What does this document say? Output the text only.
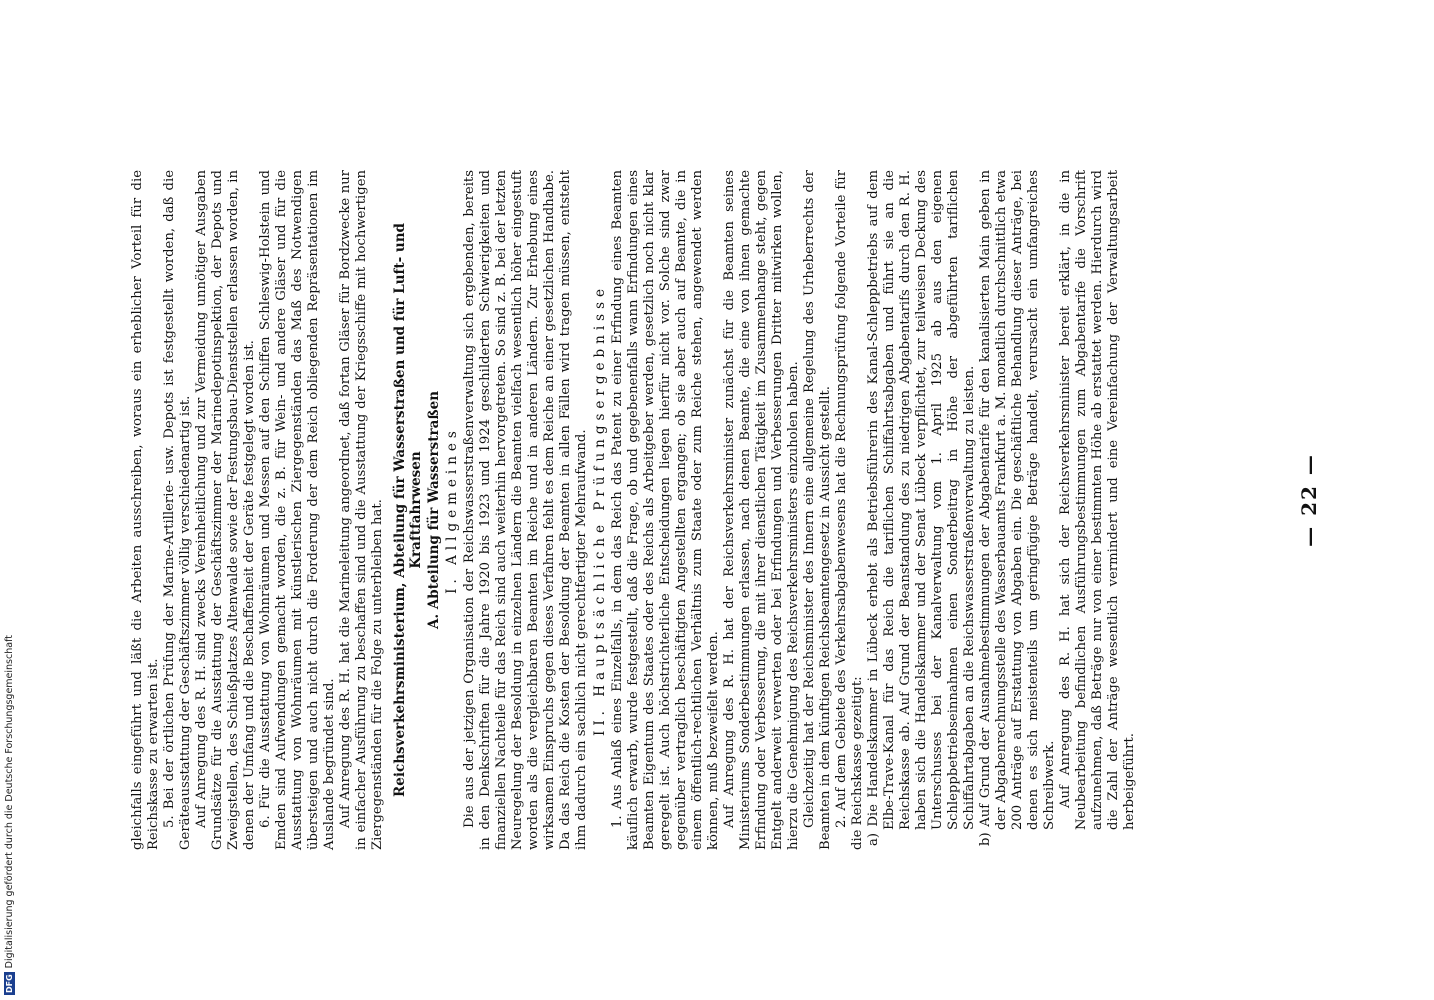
DFG
Digitalisierung gefördert durch die Deutsche Forschungsgemeinschaft	gleichfalls eingeführt und läßt die Arbeiten ausschreiben, woraus ein erheblicher Vorteil für die Reichskasse zu erwarten ist. 5. Bei der örtlichen Prüfung der Marine-Artillerie- usw. Depots ist festgestellt worden, daß die Geräteausstattung der Geschäftszimmer völlig verschiedenartig ist. Auf Anregung des R. H. sind zwecks Vereinheitlichung und zur Vermeidung unnötiger Ausgaben Grundsätze für die Ausstattung der Geschäftszimmer der Marinedepotinspektion, der Depots und Zweigstellen, des Schießplatzes Altenwalde sowie der Festungsbau-Dienststellen erlassen worden, in denen der Umfang und die Beschaffenheit der Geräte festgelegt worden ist. 6. Für die Ausstattung von Wohnräumen und Messen auf den Schiffen Schleswig-Holstein und Emden sind Aufwendungen gemacht worden, die z. B. für Wein- und andere Gläser und für die Ausstattung von Wohnräumen mit künstlerischen Ziergegenständen das Maß des Notwendigen übersteigen und auch nicht durch die Forderung der dem Reich obliegenden Repräsentationen im Auslande begründet sind. Auf Anregung des R. H. hat die Marineleitung angeordnet, daß fortan Gläser für Bordzwecke nur in einfacher Ausführung zu beschaffen sind und die Ausstattung der Kriegsschiffe mit hochwertigen Ziergegenständen für die Folge zu unterbleiben hat. Reichsverkehrsministerium, Abteilung für Wasserstraßen und für Luft- und Kraftfahrwesen A. Abteilung für Wasserstraßen I. Allgemeines Die aus der jetzigen Organisation der Reichswasserstraßenverwaltung sich ergebenden, bereits in den Denkschriften für die Jahre 1920 bis 1923 und 1924 geschilderten Schwierigkeiten und finanziellen Nachteile für das Reich sind auch weiterhin hervorgetreten. So sind z. B. bei der letzten Neuregelung der Besoldung in einzelnen Ländern die Beamten vielfach wesentlich höher eingestuft worden als die vergleichbaren Beamten im Reiche und in anderen Ländern. Zur Erhebung eines wirksamen Einspruchs gegen dieses Verfahren fehlt es dem Reiche an einer gesetzlichen Handhabe. Da das Reich die Kosten der Besoldung der Beamten in allen Fällen wird tragen müssen, entsteht ihm dadurch ein sachlich nicht gerechtfertigter Mehraufwand. II. Hauptsächliche Prüfungsergebnisse 1. Aus Anlaß eines Einzelfalls, in dem das Reich das Patent zu einer Erfindung eines Beamten käuflich erwarb, wurde festgestellt, daß die Frage, ob und gegebenenfalls wann Erfindungen eines Beamten Eigentum des Staates oder des Reichs als Arbeitgeber werden, gesetzlich noch nicht klar geregelt ist. Auch höchstrichterliche Entscheidungen liegen hierfür nicht vor. Solche sind zwar gegenüber vertraglich beschäftigten Angestellten ergangen; ob sie aber auch auf Beamte, die in einem öffentlich-rechtlichen Verhältnis zum Staate oder zum Reiche stehen, angewendet werden können, muß bezweifelt werden. Auf Anregung des R. H. hat der Reichsverkehrsminister zunächst für die Beamten seines Ministeriums Sonderbestimmungen erlassen, nach denen Beamte, die eine von ihnen gemachte Erfindung oder Verbesserung, die mit ihrer dienstlichen Tätigkeit im Zusammenhange steht, gegen Entgelt anderweit verwerten oder bei Erfindungen und Verbesserungen Dritter mitwirken wollen, hierzu die Genehmigung des Reichsverkehrsministers einzuholen haben. Gleichzeitig hat der Reichsminister des Innern eine allgemeine Regelung des Urheberrechts der Beamten in dem künftigen Reichsbeamtengesetz in Aussicht gestellt. 2. Auf dem Gebiete des Verkehrsabgabenwesens hat die Rechnungsprüfung folgende Vorteile für die Reichskasse gezeitigt: a) Die Handelskammer in Lübeck erhebt als Betriebsführerin des Kanal-Schleppbetriebs auf dem Elbe-Trave-Kanal für das Reich die tariflichen Schiffahrtsabgaben und führt sie an die Reichskasse ab. Auf Grund der Beanstandung des zu niedrigen Abgabentarifs durch den R. H. haben sich die Handelskammer und der Senat Lübeck verpflichtet, zur teilweisen Deckung des Unterschusses bei der Kanalverwaltung vom 1. April 1925 ab aus den eigenen Schleppbetriebseinnahmen einen Sonderbeitrag in Höhe der abgeführten tariflichen Schiffahrtabgaben an die Reichswasserstraßenverwaltung zu leisten.
b) Auf Grund der Ausnahmebestimmungen der Abgabentarife für den kanalisierten Main geben in der Abgabenrechnungsstelle des Wasserbauamts Frankfurt a. M. monatlich durchschnittlich etwa 200 Anträge auf Erstattung von Abgaben ein. Die geschäftliche Behandlung dieser Anträge, bei denen es sich meistenteils um geringfügige Beträge handelt, verursacht ein umfangreiches Schreibwerk. Auf Anregung des R. H. hat sich der Reichsverkehrsminister bereit erklärt, in die in Neubearbeitung befindlichen Ausführungsbestimmungen zum Abgabentarife die Vorschrift aufzunehmen, daß Beträge nur von einer bestimmten Höhe ab erstattet werden. Hierdurch wird die Zahl der Anträge wesentlich vermindert und eine Vereinfachung der Verwaltungsarbeit herbeigeführt.

— 22 —
